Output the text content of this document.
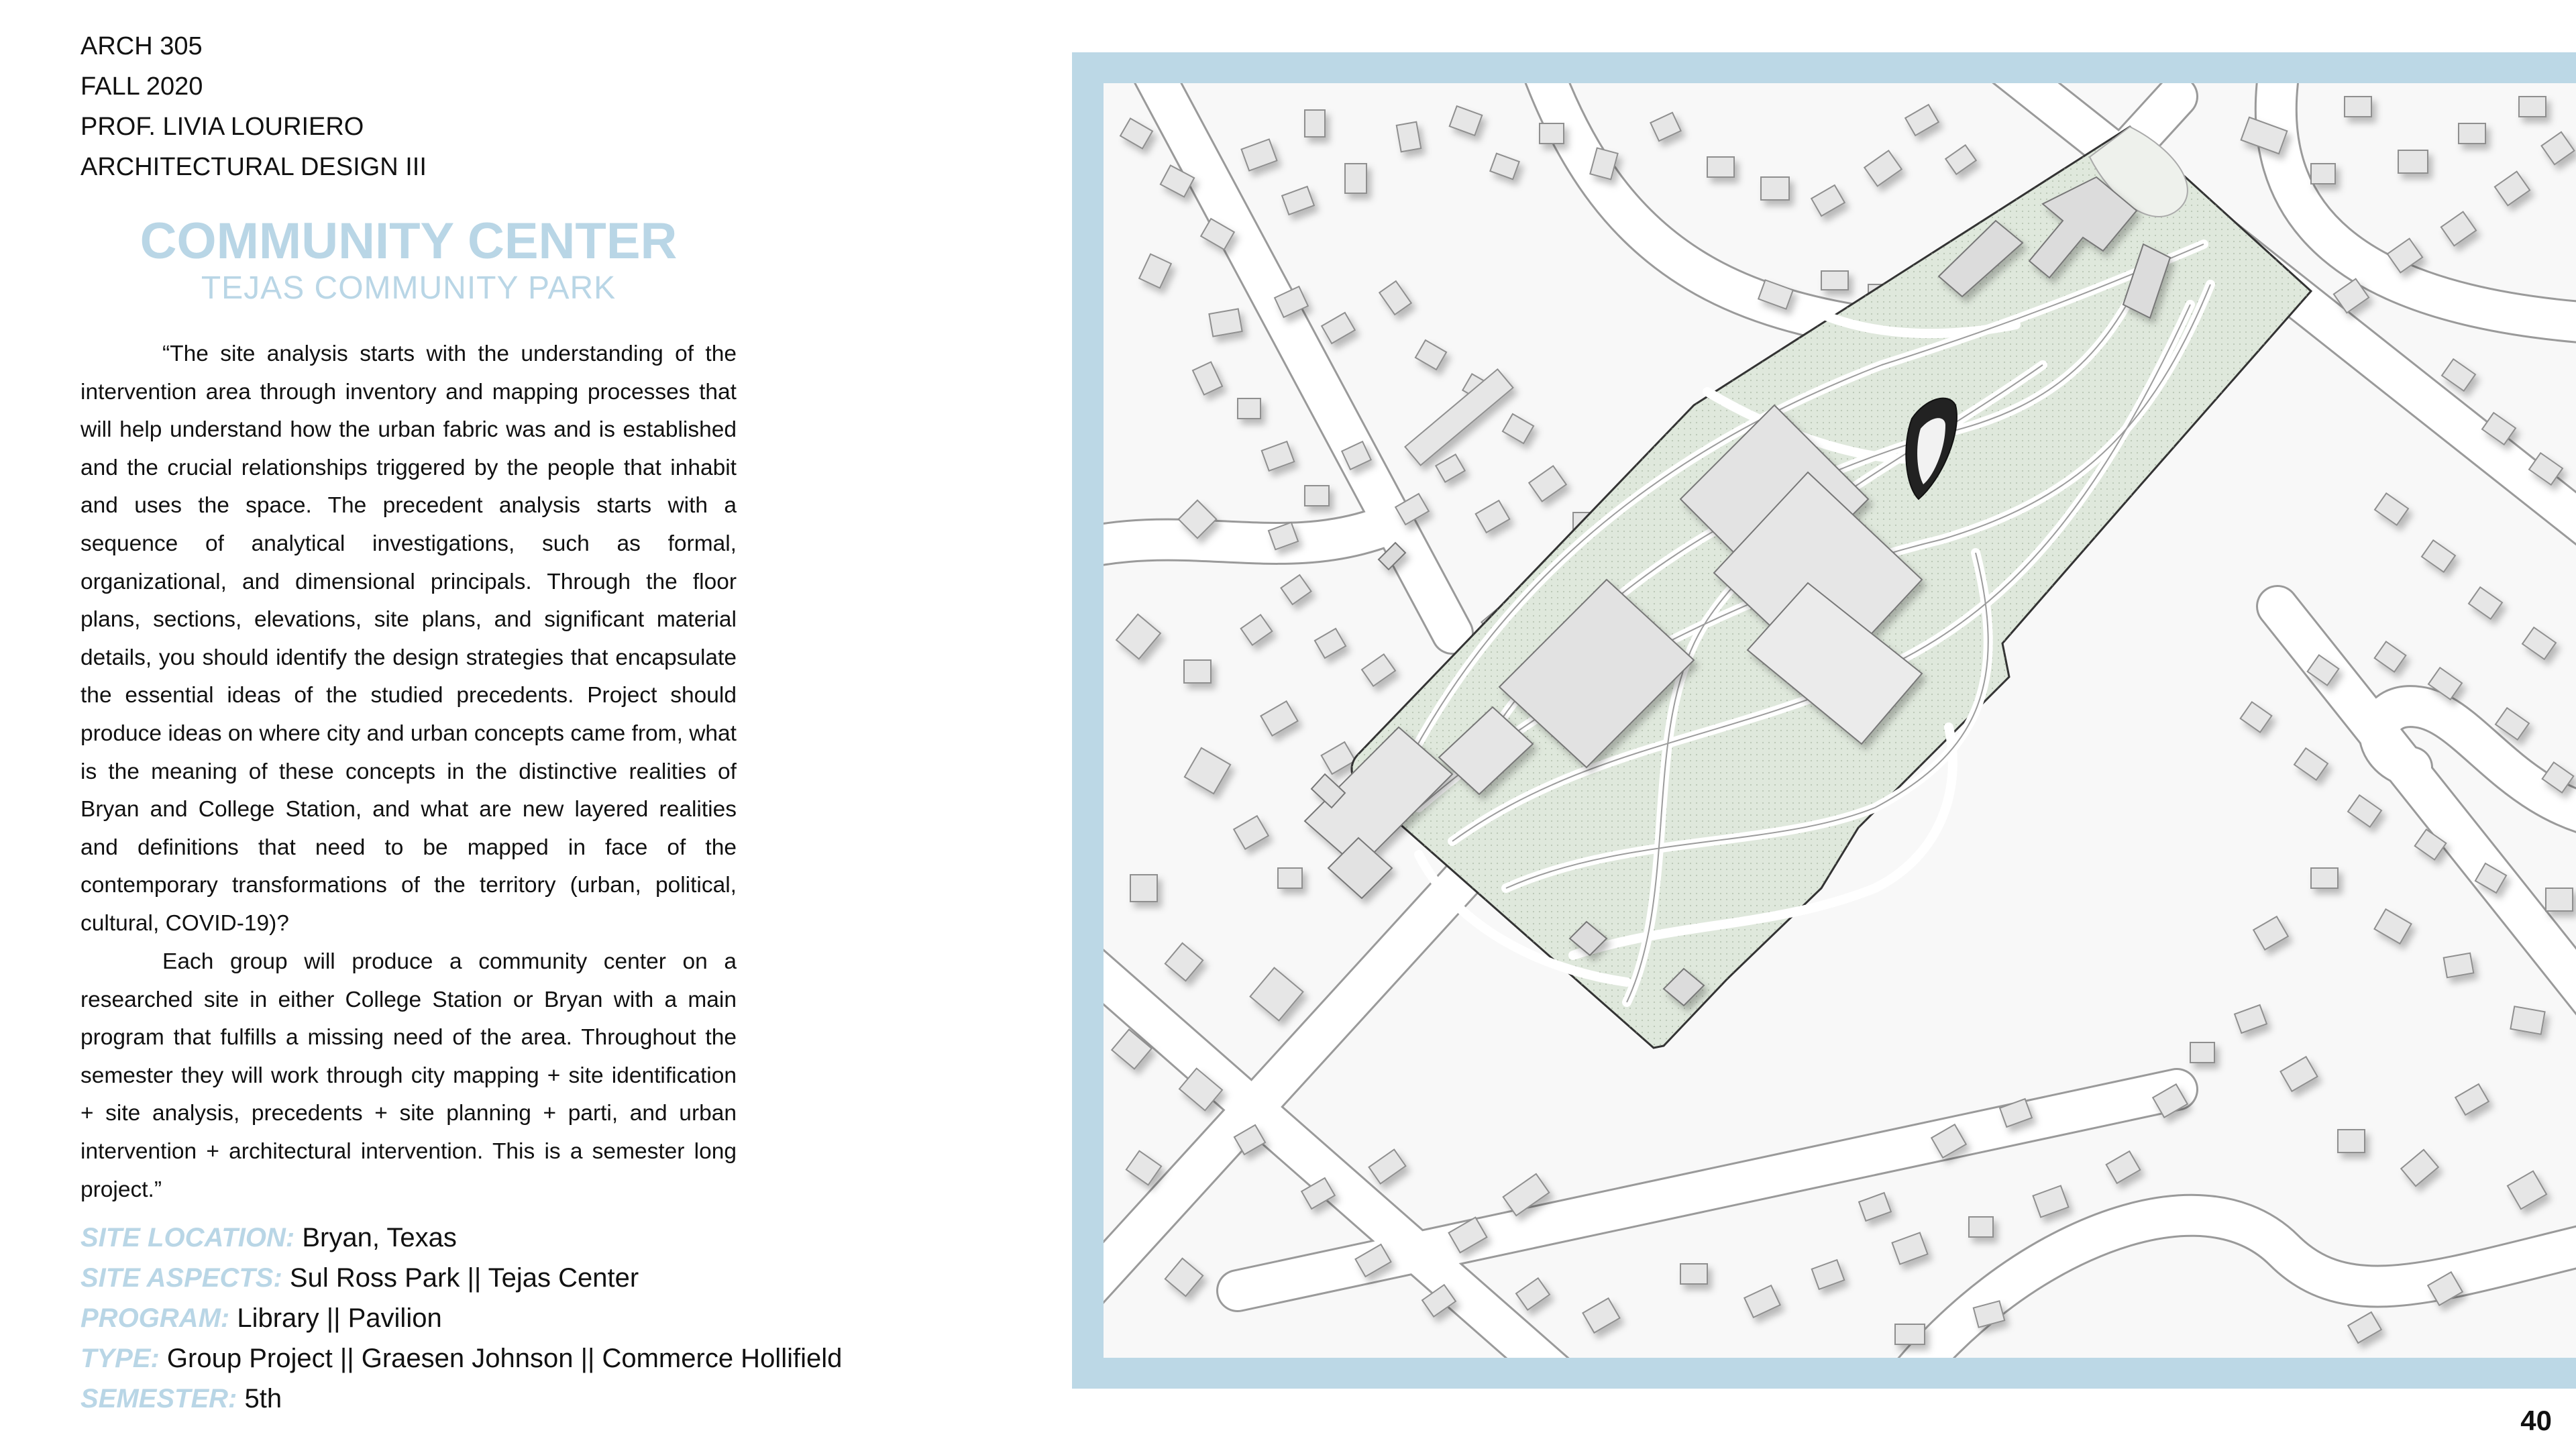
ARCH 305
FALL 2020
PROF. LIVIA LOURIERO
ARCHITECTURAL DESIGN III
COMMUNITY CENTER
TEJAS COMMUNITY PARK

“The site analysis starts with the understanding of the intervention area through inventory and mapping processes that will help understand how the urban fabric was and is established and the crucial relationships triggered by the people that inhabit and uses the space. The precedent analysis starts with a sequence of analytical investigations, such as formal, organizational, and dimensional principals. Through the floor plans, sections, elevations, site plans, and significant material details, you should identify the design strategies that encapsulate the essential ideas of the studied precedents. Project should produce ideas on where city and urban concepts came from, what is the meaning of these concepts in the distinctive realities of Bryan and College Station, and what are new layered realities and definitions that need to be mapped in face of the contemporary transformations of the territory (urban, political, cultural, COVID-19)?

Each group will produce a community center on a researched site in either College Station or Bryan with a main program that fulfills a missing need of the area. Throughout the semester they will work through city mapping + site identification + site analysis, precedents + site planning + parti, and urban intervention + architectural intervention. This is a semester long project.”

SITE LOCATION: Bryan, Texas
SITE ASPECTS: Sul Ross Park || Tejas Center
PROGRAM: Library || Pavilion
TYPE: Group Project || Graesen Johnson || Commerce Hollifield
SEMESTER: 5th
40
